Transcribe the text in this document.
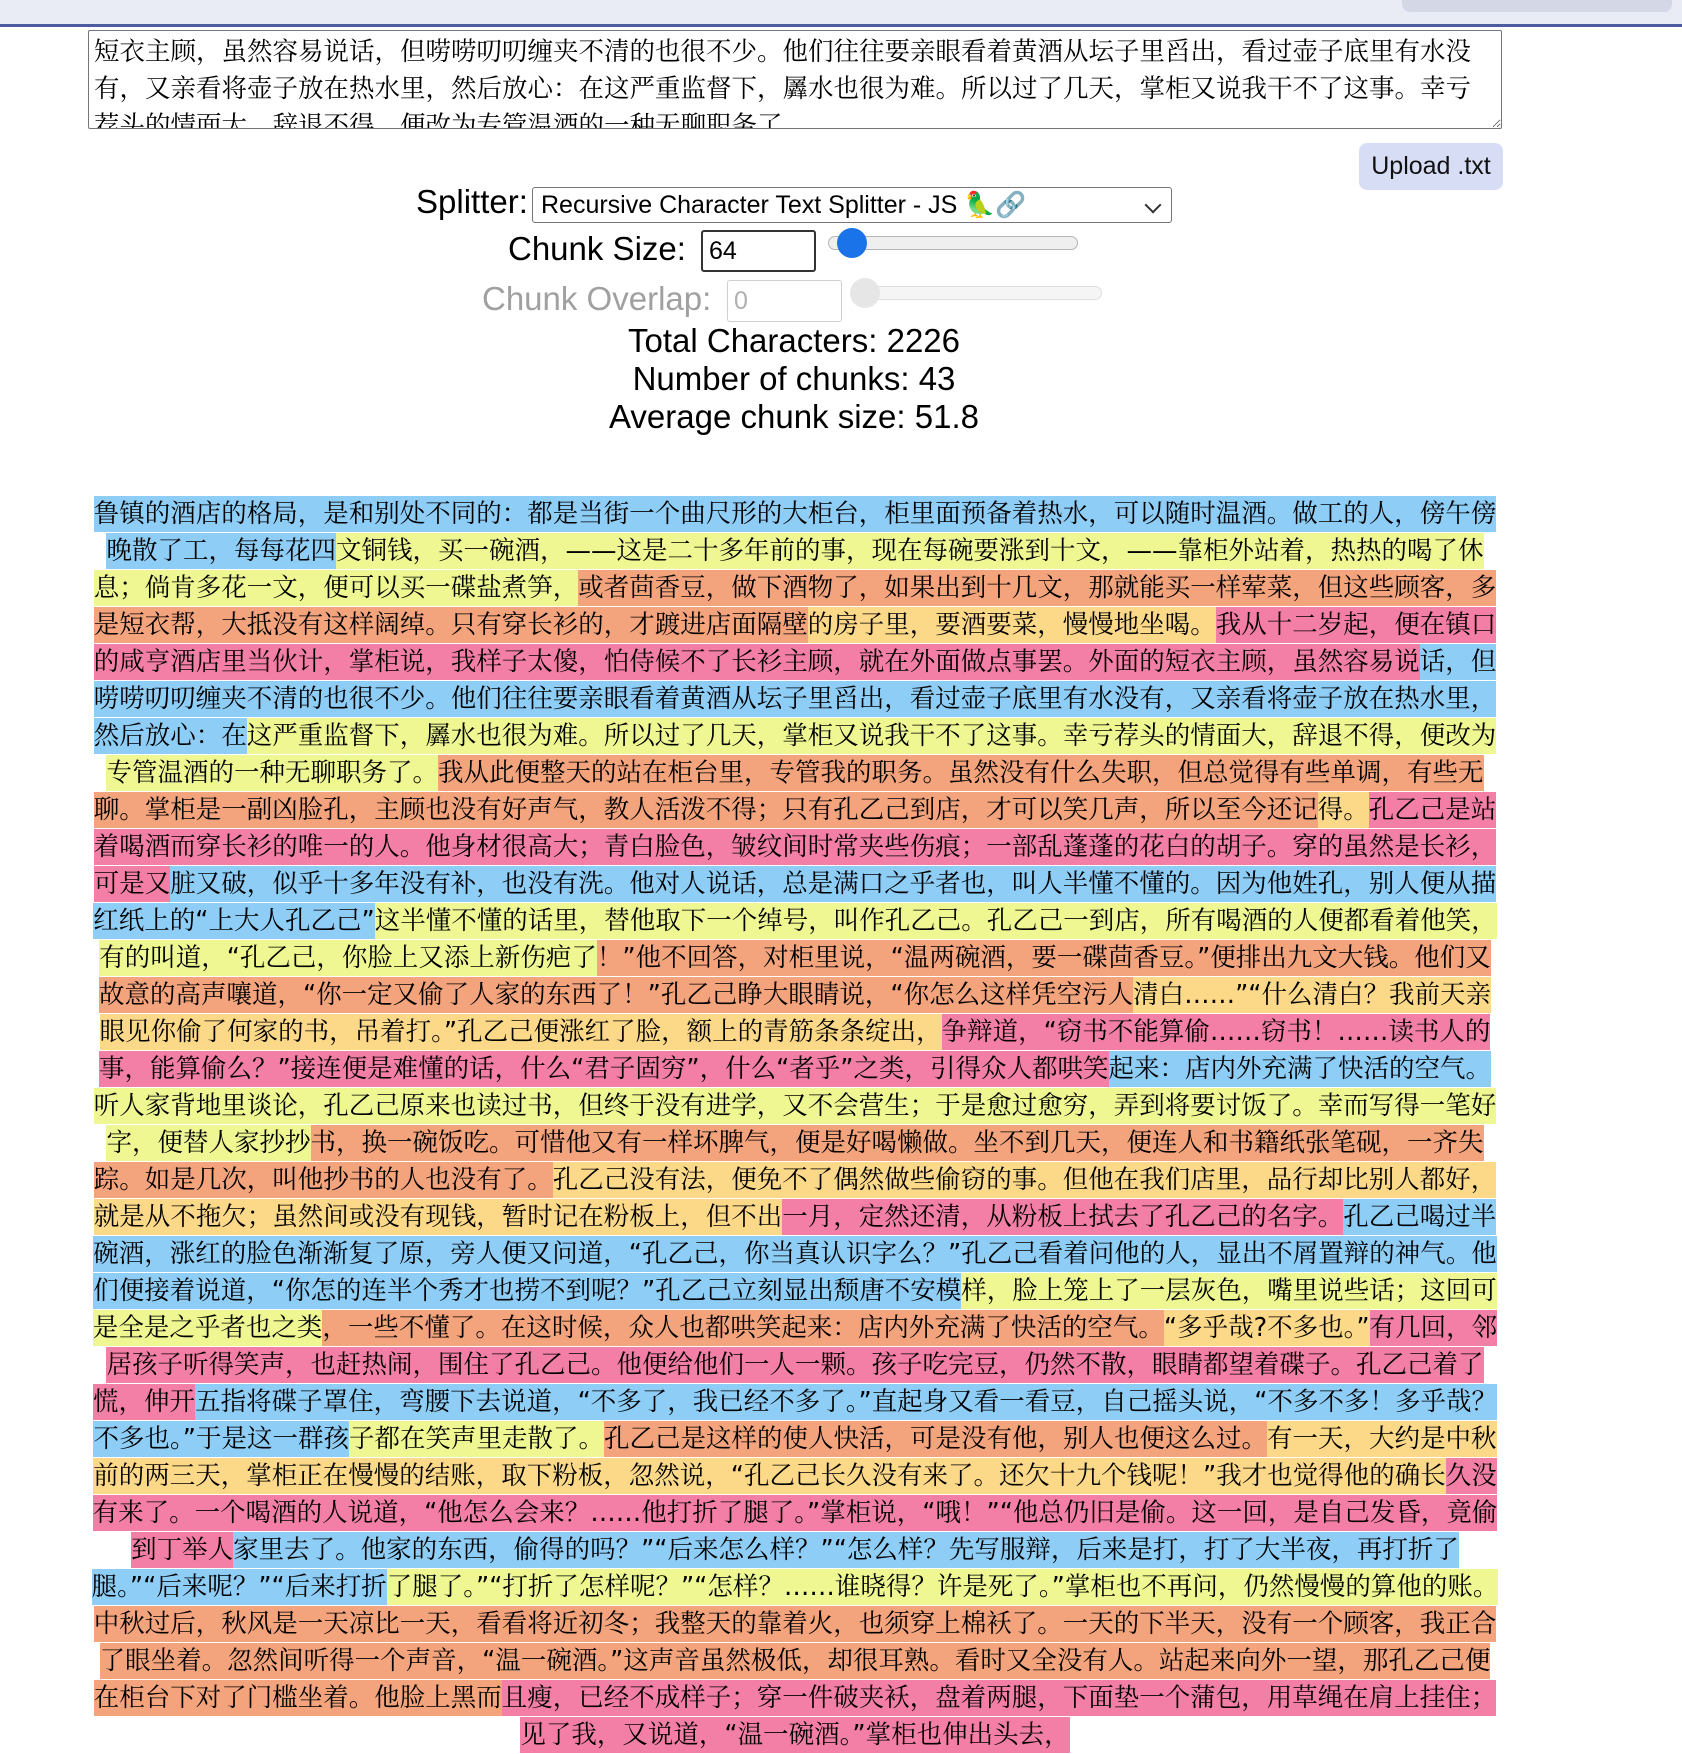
短衣主顾，虽然容易说话，但唠唠叨叨缠夹不清的也很不少。他们往往要亲眼看着黄酒从坛子里舀出，看过壶子底里有水没有，又亲看将壶子放在热水里，然后放心：在这严重监督下，羼水也很为难。所以过了几天，掌柜又说我干不了这事。幸亏荐头的情面大，辞退不得，便改为专管温酒的一种无聊职务了。
Upload .txt
Splitter: Recursive Character Text Splitter - JS 🦜🔗
Chunk Size:
64
Chunk Overlap:
0
Total Characters: 2226
Number of chunks: 43
Average chunk size: 51.8

鲁镇的酒店的格局，是和别处不同的：都是当街一个曲尺形的大柜台，柜里面预备着热水，可以随时温酒。做工的人，傍午傍晚散了工，每每花四文铜钱，买一碗酒，——这是二十多年前的事，现在每碗要涨到十文，——靠柜外站着，热热的喝了休息；倘肯多花一文，便可以买一碟盐煮笋，或者茴香豆，做下酒物了，如果出到十几文，那就能买一样荤菜，但这些顾客，多是短衣帮，大抵没有这样阔绰。只有穿长衫的，才踱进店面隔壁的房子里，要酒要菜，慢慢地坐喝。我从十二岁起，便在镇口的咸亨酒店里当伙计，掌柜说，我样子太傻，怕侍候不了长衫主顾，就在外面做点事罢。外面的短衣主顾，虽然容易说话，但唠唠叨叨缠夹不清的也很不少。他们往往要亲眼看着黄酒从坛子里舀出，看过壶子底里有水没有，又亲看将壶子放在热水里，然后放心：在这严重监督下，羼水也很为难。所以过了几天，掌柜又说我干不了这事。幸亏荐头的情面大，辞退不得，便改为专管温酒的一种无聊职务了。我从此便整天的站在柜台里，专管我的职务。虽然没有什么失职，但总觉得有些单调，有些无聊。掌柜是一副凶脸孔，主顾也没有好声气，教人活泼不得；只有孔乙己到店，才可以笑几声，所以至今还记得。孔乙己是站着喝酒而穿长衫的唯一的人。他身材很高大；青白脸色，皱纹间时常夹些伤痕；一部乱蓬蓬的花白的胡子。穿的虽然是长衫，可是又脏又破，似乎十多年没有补，也没有洗。他对人说话，总是满口之乎者也，叫人半懂不懂的。因为他姓孔，别人便从描红纸上的“上大人孔乙己”这半懂不懂的话里，替他取下一个绰号，叫作孔乙己。孔乙己一到店，所有喝酒的人便都看着他笑，有的叫道，“孔乙己，你脸上又添上新伤疤了！”他不回答，对柜里说，“温两碗酒，要一碟茴香豆。”便排出九文大钱。他们又故意的高声嚷道，“你一定又偷了人家的东西了！”孔乙己睁大眼睛说，“你怎么这样凭空污人清白……”“什么清白？我前天亲眼见你偷了何家的书，吊着打。”孔乙己便涨红了脸，额上的青筋条条绽出，争辩道，“窃书不能算偷……窃书！……读书人的事，能算偷么？”接连便是难懂的话，什么“君子固穷”，什么“者乎”之类，引得众人都哄笑起来：店内外充满了快活的空气。听人家背地里谈论，孔乙己原来也读过书，但终于没有进学，又不会营生；于是愈过愈穷，弄到将要讨饭了。幸而写得一笔好字，便替人家抄抄书，换一碗饭吃。可惜他又有一样坏脾气，便是好喝懒做。坐不到几天，便连人和书籍纸张笔砚，一齐失踪。如是几次，叫他抄书的人也没有了。孔乙己没有法，便免不了偶然做些偷窃的事。但他在我们店里，品行却比别人都好，就是从不拖欠；虽然间或没有现钱，暂时记在粉板上，但不出一月，定然还清，从粉板上拭去了孔乙己的名字。孔乙己喝过半碗酒，涨红的脸色渐渐复了原，旁人便又问道，“孔乙己，你当真认识字么？”孔乙己看着问他的人，显出不屑置辩的神气。他们便接着说道，“你怎的连半个秀才也捞不到呢？”孔乙己立刻显出颓唐不安模样，脸上笼上了一层灰色，嘴里说些话；这回可是全是之乎者也之类，一些不懂了。在这时候，众人也都哄笑起来：店内外充满了快活的空气。“多乎哉?不多也。”有几回，邻居孩子听得笑声，也赶热闹，围住了孔乙己。他便给他们一人一颗。孩子吃完豆，仍然不散，眼睛都望着碟子。孔乙己着了慌，伸开五指将碟子罩住，弯腰下去说道，“不多了，我已经不多了。”直起身又看一看豆，自己摇头说，“不多不多！多乎哉？不多也。”于是这一群孩子都在笑声里走散了。孔乙己是这样的使人快活，可是没有他，别人也便这么过。有一天，大约是中秋前的两三天，掌柜正在慢慢的结账，取下粉板，忽然说，“孔乙己长久没有来了。还欠十九个钱呢！”我才也觉得他的确长久没有来了。一个喝酒的人说道，“他怎么会来？……他打折了腿了。”掌柜说，“哦！”“他总仍旧是偷。这一回，是自己发昏，竟偷到丁举人家里去了。他家的东西，偷得的吗？”“后来怎么样？”“怎么样？先写服辩，后来是打，打了大半夜，再打折了腿。”“后来呢？”“后来打折了腿了。”“打折了怎样呢？”“怎样？……谁晓得？许是死了。”掌柜也不再问，仍然慢慢的算他的账。中秋过后，秋风是一天凉比一天，看看将近初冬；我整天的靠着火，也须穿上棉袄了。一天的下半天，没有一个顾客，我正合了眼坐着。忽然间听得一个声音，“温一碗酒。”这声音虽然极低，却很耳熟。看时又全没有人。站起来向外一望，那孔乙己便在柜台下对了门槛坐着。他脸上黑而且瘦，已经不成样子；穿一件破夹袄，盘着两腿，下面垫一个蒲包，用草绳在肩上挂住；见了我，又说道，“温一碗酒。”掌柜也伸出头去，
